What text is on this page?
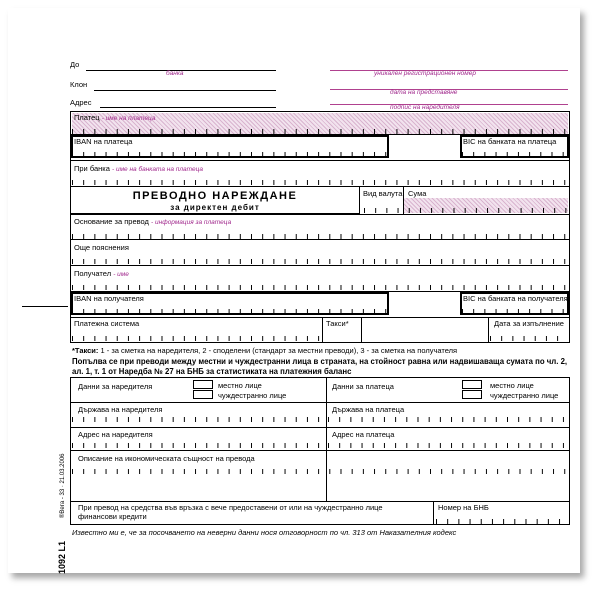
До
банка
Клон
Адрес
уникален регистрационен номер
дата на представяне
подпис на наредителя
Платец - име на платеца
IBAN на платеца	BIC на банката на платеца
При банка - име на банката на платеца
ПРЕВОДНО НАРЕЖДАНЕ
за директен дебит
Вид валута Сума
Основание за превод - информация за платеца
Още пояснения
Получател - име
IBAN на получателя	BIC на банката на получателя
Платежна система	Такси*	Дата за изпълнение
*Такси: 1 - за сметка на наредителя, 2 - споделени (стандарт за местни преводи), 3 - за сметка на получателя
Попълва се при преводи между местни и чуждестранни лица в страната, на стойност равна или надвишаваща сумата по чл. 2, ал. 1, т. 1 от Наредба № 27 на БНБ за статистиката на платежния баланс
Данни за наредителя	местно лице
чуждестранно лице
Данни за платеца	местно лице
чуждестранно лице
Държава на наредителя	Държава на платеца
Адрес на наредителя	Адрес на платеца
Описание на икономическата същност на превода
При превод на средства във връзка с вече предоставени от или на чуждестранно лице
финансови кредити
Номер на БНБ
Известно ми е, че за посочването на неверни данни нося отговорност по чл. 313 от Наказателния кодекс
1092 L1
®Вега - 33 · 21.03.2006
